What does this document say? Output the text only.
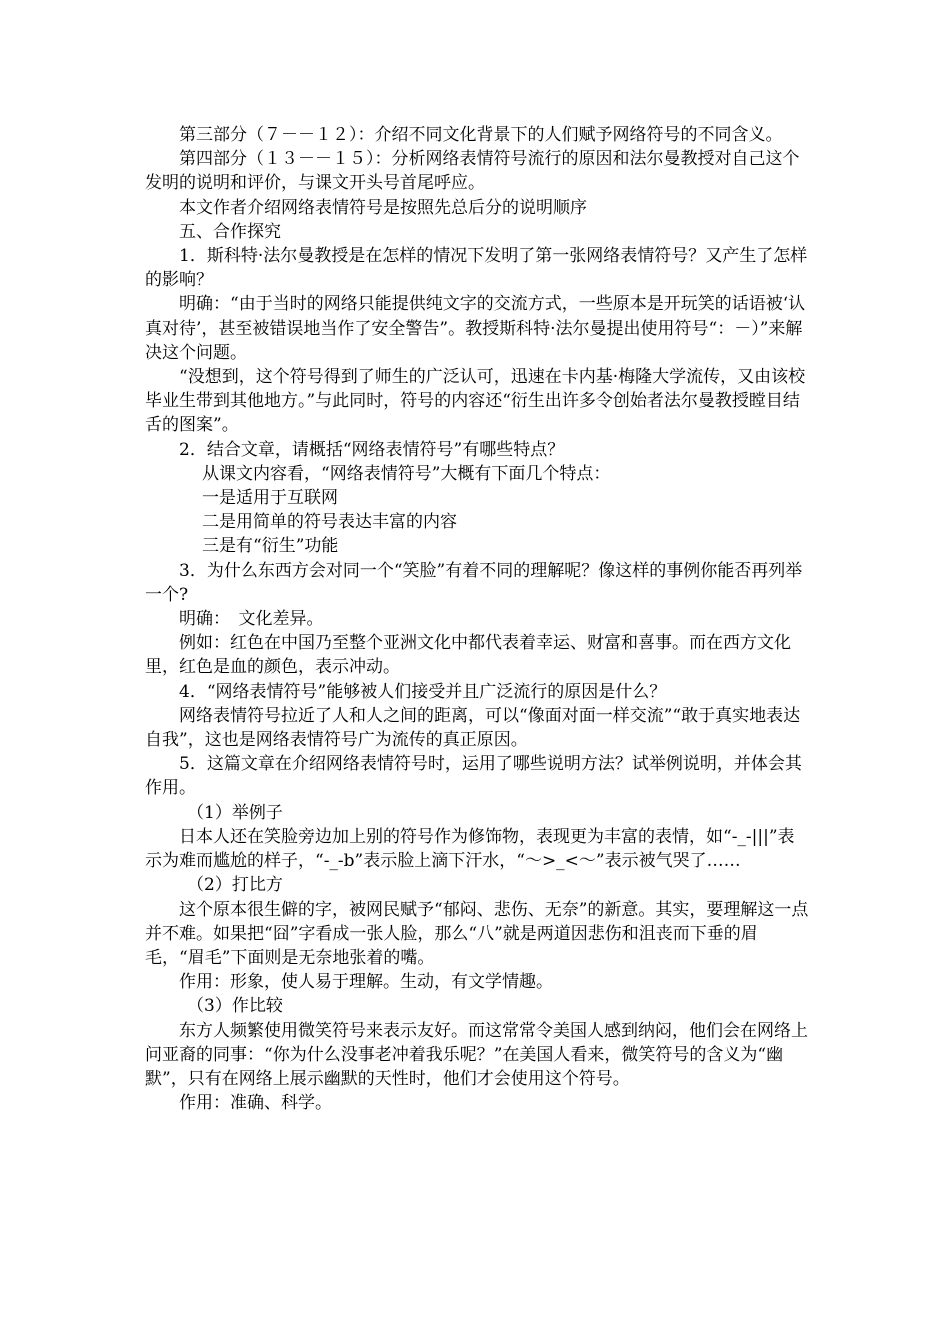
第三部分（７－－１２）：介绍不同文化背景下的人们赋予网络符号的不同含义。

第四部分（１３－－１５）：分析网络表情符号流行的原因和法尔曼教授对自己这个发明的说明和评价，与课文开头号首尾呼应。

本文作者介绍网络表情符号是按照先总后分的说明顺序

五、合作探究

1．斯科特·法尔曼教授是在怎样的情况下发明了第一张网络表情符号？又产生了怎样的影响？

明确：“由于当时的网络只能提供纯文字的交流方式，一些原本是开玩笑的话语被‘认真对待’，甚至被错误地当作了安全警告”。教授斯科特·法尔曼提出使用符号“：－）”来解决这个问题。

“没想到，这个符号得到了师生的广泛认可，迅速在卡内基·梅隆大学流传，又由该校毕业生带到其他地方。”与此同时，符号的内容还“衍生出许多令创始者法尔曼教授瞠目结舌的图案”。

2．结合文章，请概括“网络表情符号”有哪些特点？

从课文内容看，“网络表情符号”大概有下面几个特点：

一是适用于互联网

二是用简单的符号表达丰富的内容

三是有“衍生”功能

3．为什么东西方会对同一个“笑脸”有着不同的理解呢？像这样的事例你能否再列举一个?

明确：　文化差异。

例如：红色在中国乃至整个亚洲文化中都代表着幸运、财富和喜事。而在西方文化里，红色是血的颜色，表示冲动。

4．“网络表情符号”能够被人们接受并且广泛流行的原因是什么？

网络表情符号拉近了人和人之间的距离，可以“像面对面一样交流”“敢于真实地表达自我”，这也是网络表情符号广为流传的真正原因。

5．这篇文章在介绍网络表情符号时，运用了哪些说明方法？试举例说明，并体会其作用。

（1）举例子

日本人还在笑脸旁边加上别的符号作为修饰物，表现更为丰富的表情，如“-_-|||”表示为难而尴尬的样子，“-_-b”表示脸上滴下汗水，“～>_<～”表示被气哭了……

（2）打比方

这个原本很生僻的字，被网民赋予“郁闷、悲伤、无奈”的新意。其实，要理解这一点并不难。如果把“囧”字看成一张人脸，那么“八”就是两道因悲伤和沮丧而下垂的眉毛，“眉毛”下面则是无奈地张着的嘴。

作用：形象，使人易于理解。生动，有文学情趣。

（3）作比较

东方人频繁使用微笑符号来表示友好。而这常常令美国人感到纳闷，他们会在网络上问亚裔的同事：“你为什么没事老冲着我乐呢？”在美国人看来，微笑符号的含义为“幽默”，只有在网络上展示幽默的天性时，他们才会使用这个符号。

作用：准确、科学。
